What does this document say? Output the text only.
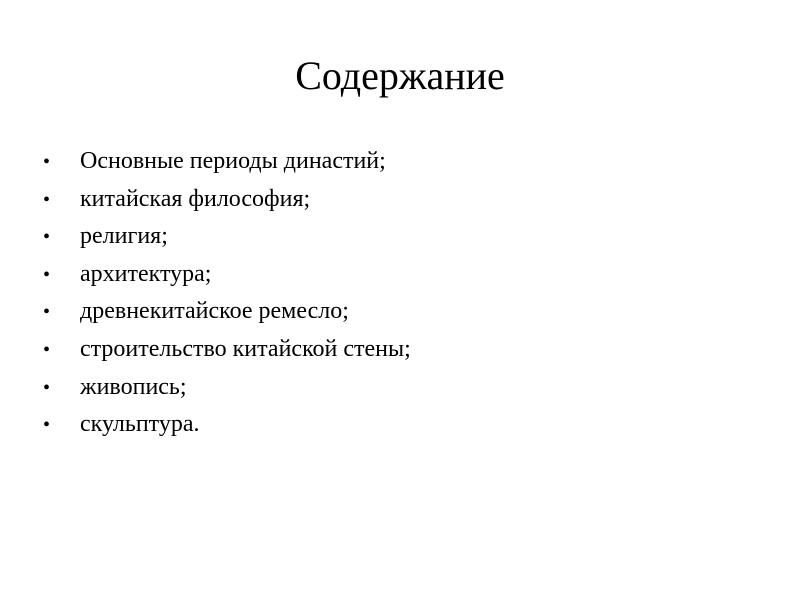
Содержание
•	Основные периоды династий;
•	китайская философия;
•	религия;
•	архитектура;
•	древнекитайское ремесло;
•	строительство китайской стены;
•	живопись;
•	скульптура.
